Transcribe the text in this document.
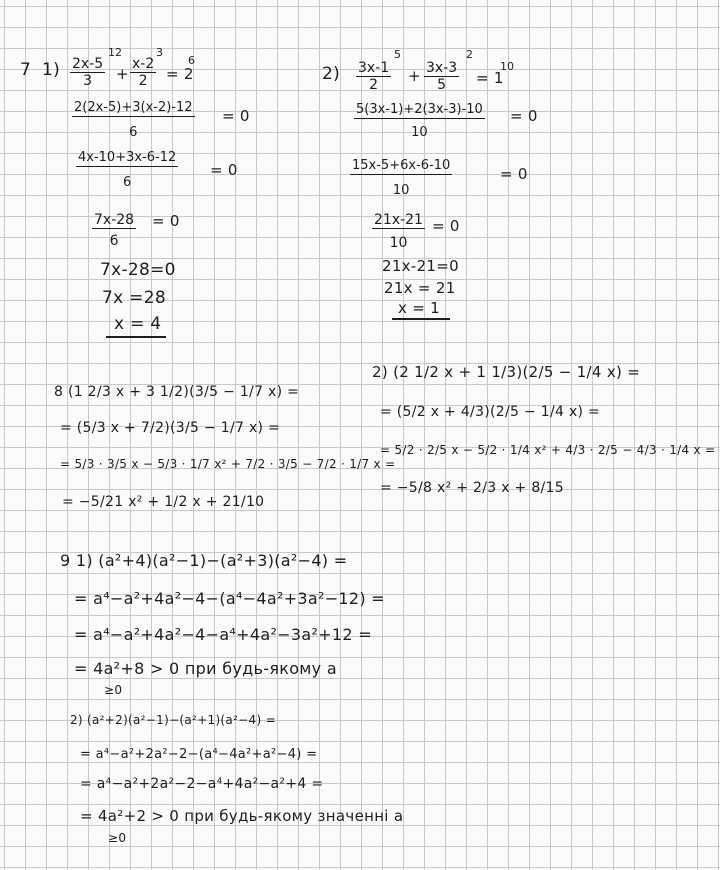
7 $1) \frac{2x-5}{3}$
12
+ $\frac{x-2}{2}$
3
= 2
6
$\frac{2(2x-5)+3(x-2)-12}{6} = 0$
$\frac{4x-10+3x-6-12}{6} = 0$
$\frac{7x-28}{6} = 0$
7x-28=0
7x =28
x = 4
$2) \frac{3x-1}{2}$
5
+ $\frac{3x-3}{5}$
2
= 1
10
$\frac{5(3x-1)+2(3x-3)-10}{10} = 0$
$\frac{15x-5+6x-6-10}{10}$	= 0
$\frac{21x-21}{10} = 0$
21x-21=0
21x = 21
x = 1
8 (1 2/3 x + 3 1/2)(3/5 − 1/7 x) =
= (5/3 x + 7/2)(3/5 − 1/7 x) =
= 5/3 · 3/5 x − 5/3 · 1/7 x² + 7/2 · 3/5 − 7/2 · 1/7 x =
= −5/21 x² + 1/2 x + 21/10
2) (2 1/2 x + 1 1/3)(2/5 − 1/4 x) =
= (5/2 x + 4/3)(2/5 − 1/4 x) =
= 5/2 · 2/5 x − 5/2 · 1/4 x² + 4/3 · 2/5 − 4/3 · 1/4 x =
= −5/8 x² + 2/3 x + 8/15
9 1) (a²+4)(a²−1)−(a²+3)(a²−4) =
= a⁴−a²+4a²−4−(a⁴−4a²+3a²−12) =
= a⁴−a²+4a²−4−a⁴+4a²−3a²+12 =
= 4a²+8 > 0 при будь-якому a
≥0
2) (a²+2)(a²−1)−(a²+1)(a²−4) =
= a⁴−a²+2a²−2−(a⁴−4a²+a²−4) =
= a⁴−a²+2a²−2−a⁴+4a²−a²+4 =
= 4a²+2 > 0 при будь-якому значенні a
≥0
